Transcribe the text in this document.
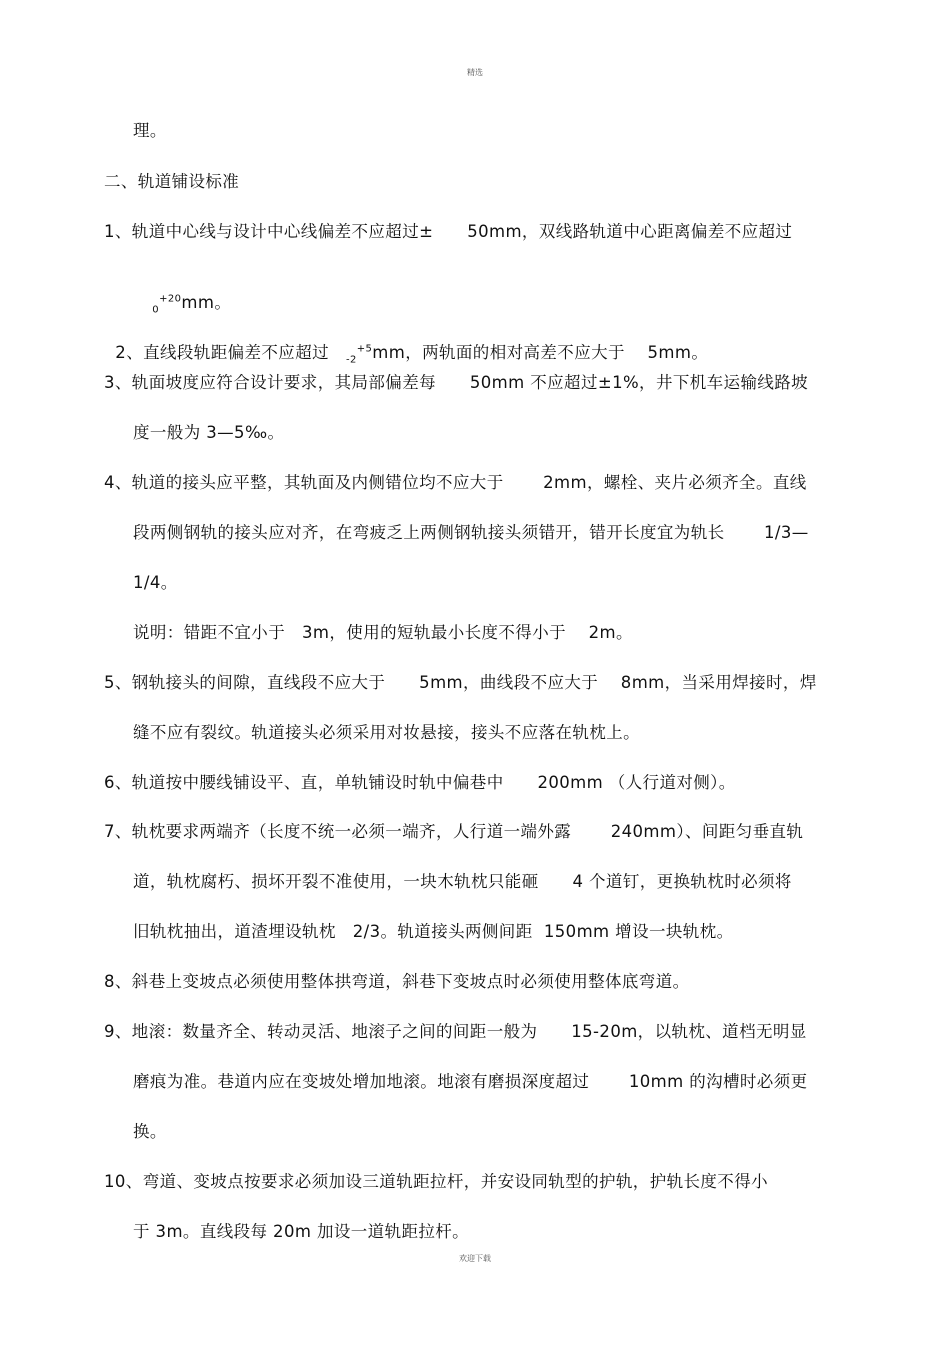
精选
理。
二、轨道铺设标准
1、轨道中心线与设计中心线偏差不应超过±      50mm，双线路轨道中心距离偏差不应超过

$_0^{+20}$mm。

2、直线段轨距偏差不应超过   $_{-2}^{+5}$mm，两轨面的相对高差不应大于    5mm。

3、轨面坡度应符合设计要求，其局部偏差每      50mm 不应超过±1%，井下机车运输线路坡
度一般为 3—5‰。
4、轨道的接头应平整，其轨面及内侧错位均不应大于       2mm，螺栓、夹片必须齐全。直线
段两侧钢轨的接头应对齐，在弯疲乏上两侧钢轨接头须错开，错开长度宜为轨长       1/3—
1/4。
说明：错距不宜小于   3m，使用的短轨最小长度不得小于    2m。
5、钢轨接头的间隙，直线段不应大于      5mm，曲线段不应大于    8mm，当采用焊接时，焊
缝不应有裂纹。轨道接头必须采用对妆悬接，接头不应落在轨枕上。
6、轨道按中腰线铺设平、直，单轨铺设时轨中偏巷中      200mm （人行道对侧）。
7、轨枕要求两端齐（长度不统一必须一端齐，人行道一端外露       240mm）、间距匀垂直轨
道，轨枕腐朽、损坏开裂不准使用，一块木轨枕只能砸      4 个道钉，更换轨枕时必须将
旧轨枕抽出，道渣埋设轨枕   2/3。轨道接头两侧间距  150mm 增设一块轨枕。
8、斜巷上变坡点必须使用整体拱弯道，斜巷下变坡点时必须使用整体底弯道。
9、地滚：数量齐全、转动灵活、地滚子之间的间距一般为      15-20m，以轨枕、道档无明显
磨痕为准。巷道内应在变坡处增加地滚。地滚有磨损深度超过       10mm 的沟槽时必须更
换。
10、弯道、变坡点按要求必须加设三道轨距拉杆，并安设同轨型的护轨，护轨长度不得小
于 3m。直线段每 20m 加设一道轨距拉杆。
欢迎下载
